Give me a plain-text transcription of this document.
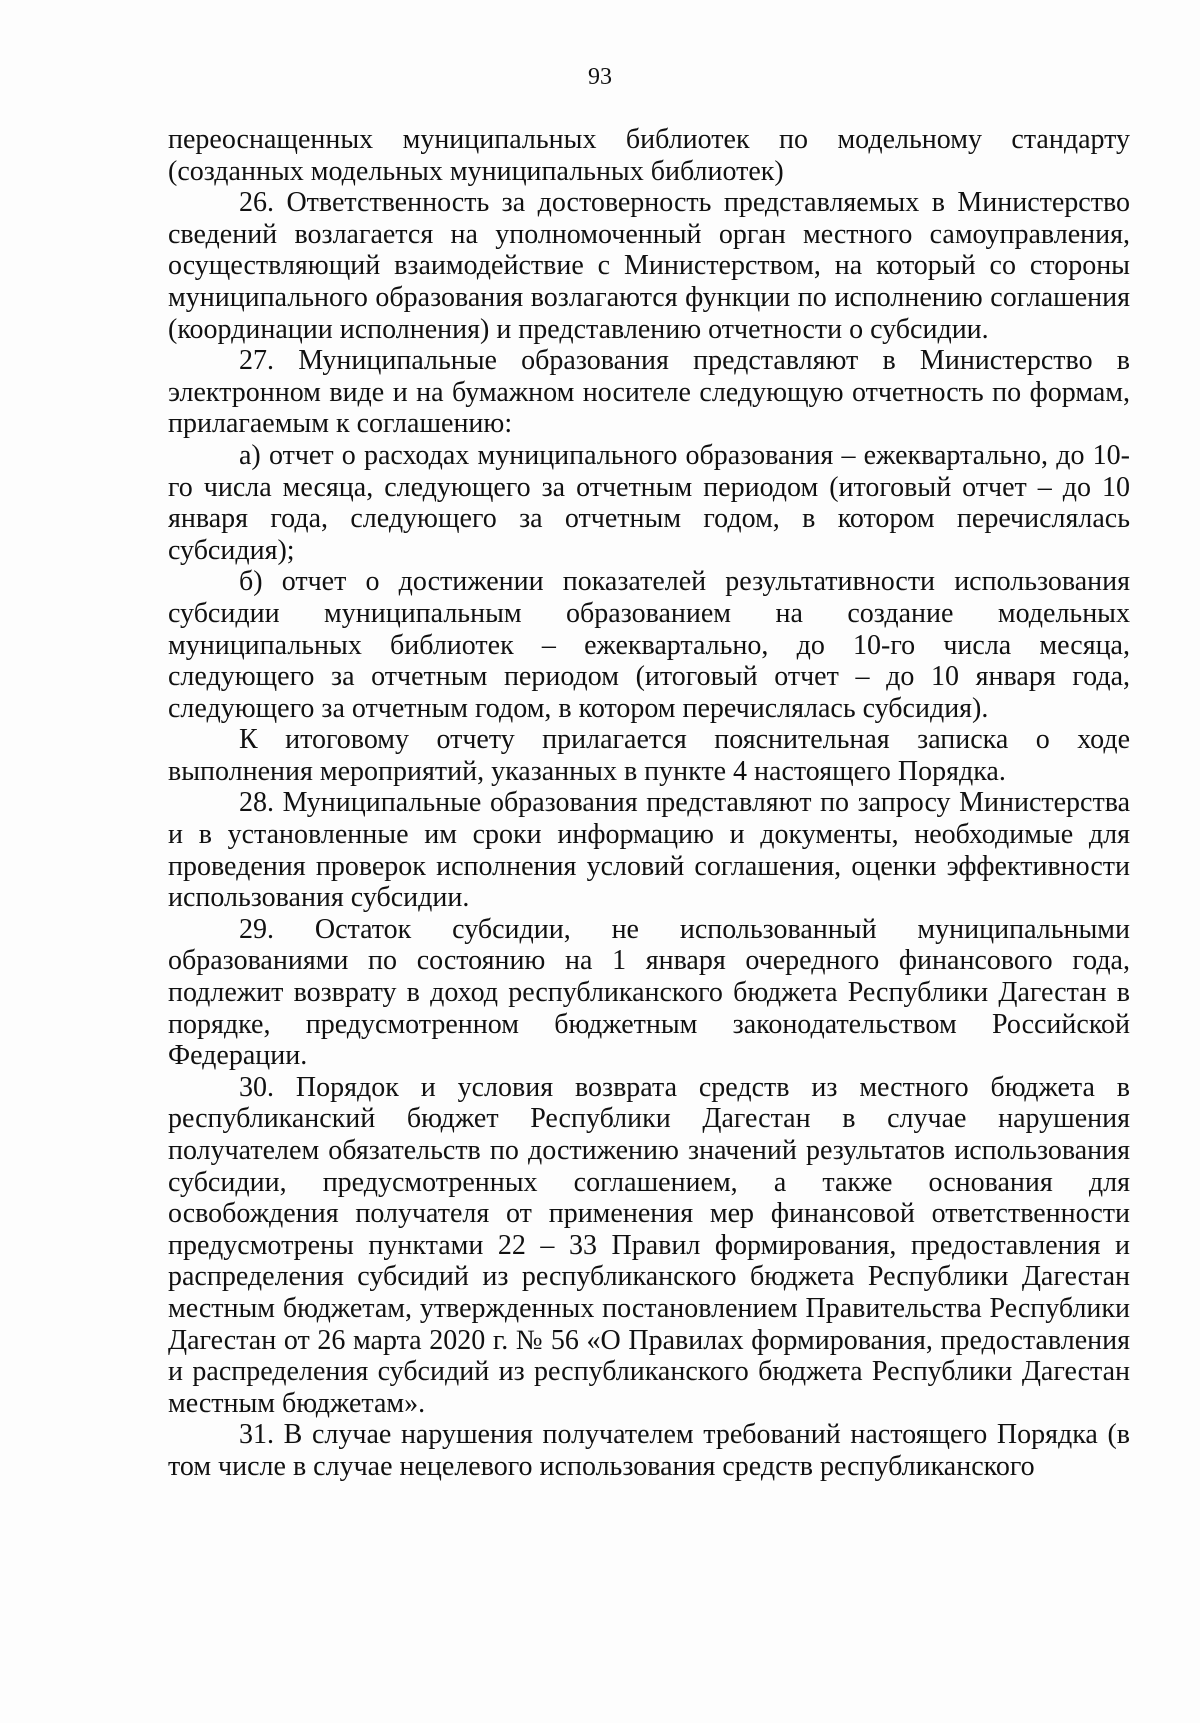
93

переоснащенных муниципальных библиотек по модельному стандарту (созданных модельных муниципальных библиотек)

26. Ответственность за достоверность представляемых в Министерство сведений возлагается на уполномоченный орган местного самоуправления, осуществляющий взаимодействие с Министерством, на который со стороны муниципального образования возлагаются функции по исполнению соглашения (координации исполнения) и представлению отчетности о субсидии.

27. Муниципальные образования представляют в Министерство в электронном виде и на бумажном носителе следующую отчетность по формам, прилагаемым к соглашению:

а) отчет о расходах муниципального образования – ежеквартально, до 10-го числа месяца, следующего за отчетным периодом (итоговый отчет – до 10 января года, следующего за отчетным годом, в котором перечислялась субсидия);

б) отчет о достижении показателей результативности использования субсидии муниципальным образованием на создание модельных муниципальных библиотек – ежеквартально, до 10-го числа месяца, следующего за отчетным периодом (итоговый отчет – до 10 января года, следующего за отчетным годом, в котором перечислялась субсидия).

К итоговому отчету прилагается пояснительная записка о ходе выполнения мероприятий, указанных в пункте 4 настоящего Порядка.

28. Муниципальные образования представляют по запросу Министерства и в установленные им сроки информацию и документы, необходимые для проведения проверок исполнения условий соглашения, оценки эффективности использования субсидии.

29. Остаток субсидии, не использованный муниципальными образованиями по состоянию на 1 января очередного финансового года, подлежит возврату в доход республиканского бюджета Республики Дагестан в порядке, предусмотренном бюджетным законодательством Российской Федерации.

30. Порядок и условия возврата средств из местного бюджета в республиканский бюджет Республики Дагестан в случае нарушения получателем обязательств по достижению значений результатов использования субсидии, предусмотренных соглашением, а также основания для освобождения получателя от применения мер финансовой ответственности предусмотрены пунктами 22 – 33 Правил формирования, предоставления и распределения субсидий из республиканского бюджета Республики Дагестан местным бюджетам, утвержденных постановлением Правительства Республики Дагестан от 26 марта 2020 г. № 56 «О Правилах формирования, предоставления и распределения субсидий из республиканского бюджета Республики Дагестан местным бюджетам».

31. В случае нарушения получателем требований настоящего Порядка (в том числе в случае нецелевого использования средств республиканского
